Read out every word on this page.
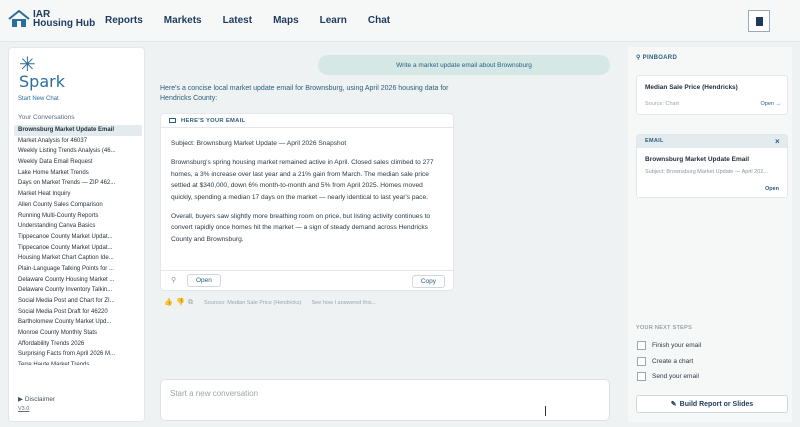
IAR
Housing Hub Reports Markets Latest Maps Learn Chat
✳
Spark
Start New Chat
Your Conversations
Brownsburg Market Update Email
Market Analysis for 46037
Weekly Listing Trends Analysis (46...
Weekly Data Email Request
Lake Home Market Trends
Days on Market Trends — ZIP 462...
Market Heat Inquiry
Allen County Sales Comparison
Running Multi-County Reports
Understanding Canva Basics
Tippecanoe County Market Updat...
Tippecanoe County Market Updat...
Housing Market Chart Caption Ide...
Plain-Language Talking Points for ...
Delaware County Housing Market ...
Delaware County Inventory Talkin...
Social Media Post and Chart for ZI...
Social Media Post Draft for 46220
Bartholomew County Market Upd...
Monroe County Monthly Stats
Affordability Trends 2026
Surprising Facts from April 2026 M...
Terre Haute Market Trends
▶ Disclaimer
V3.0
Write a market update email about Brownsburg
Here's a concise local market update email for Brownsburg, using April 2026 housing data for Hendricks County:
HERE'S YOUR EMAIL

Subject: Brownsburg Market Update — April 2026 Snapshot

Brownsburg's spring housing market remained active in April. Closed sales climbed to 277 homes, a 3% increase over last year and a 21% gain from March. The median sale price settled at $340,000, down 6% month-to-month and 5% from April 2025. Homes moved quickly, spending a median 17 days on the market — nearly identical to last year's pace.

Overall, buyers saw slightly more breathing room on price, but listing activity continues to convert rapidly once homes hit the market — a sign of steady demand across Hendricks County and Brownsburg.

⚲	Open	Copy
👍 👎 ⧉	Sources: Median Sale Price (Hendricks) See how I answered this...
Start a new conversation
⚲ PINBOARD
Median Sale Price (Hendricks)
Source: Chart	Open →
EMAIL	×
Brownsburg Market Update Email
Subject: Brownsburg Market Update — April 202...
Open
YOUR NEXT STEPS
Finish your email
Create a chart
Send your email
✎ Build Report or Slides
